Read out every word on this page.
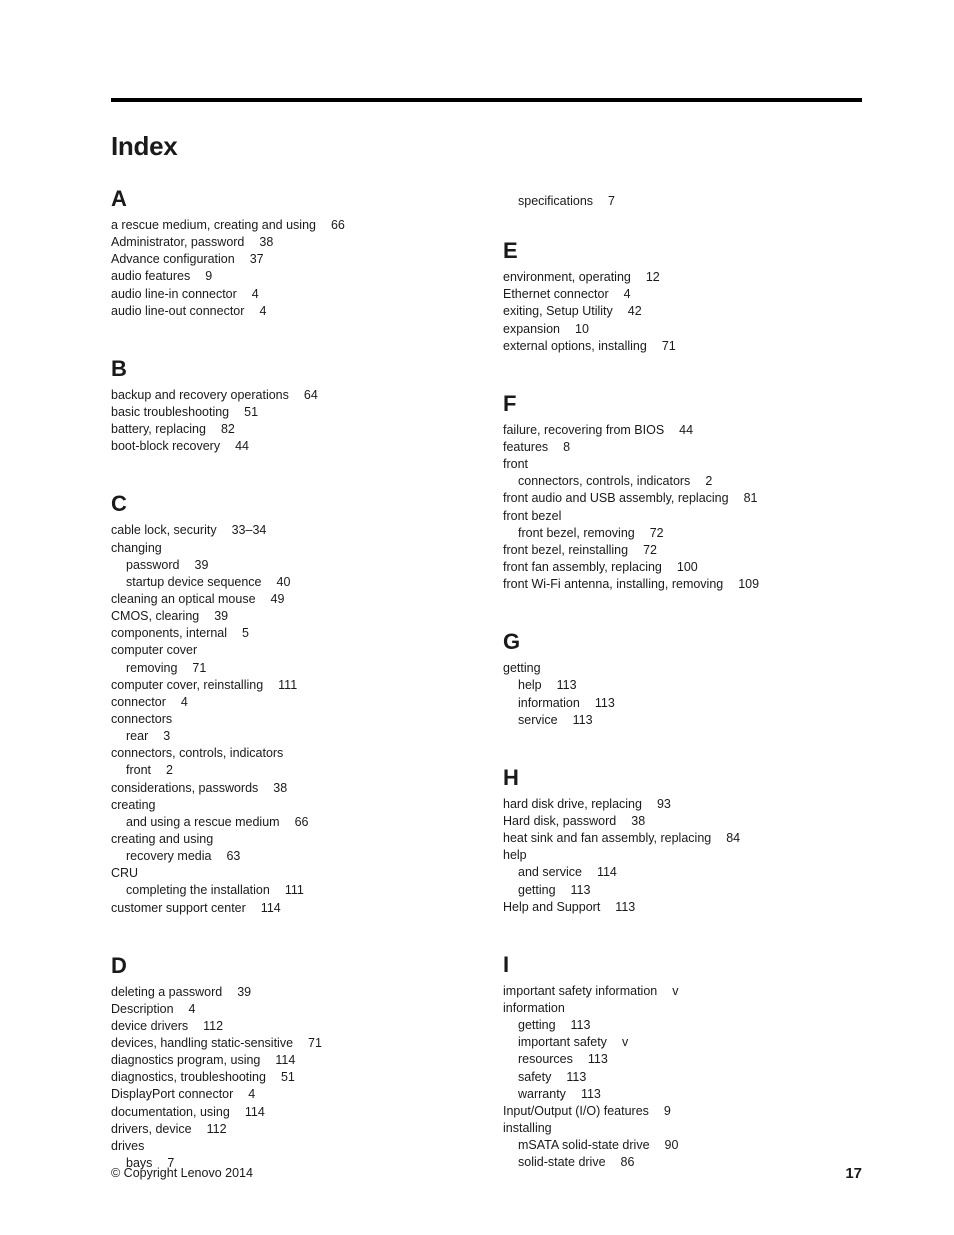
Index
A
a rescue medium, creating and using 66
Administrator, password 38
Advance configuration 37
audio features 9
audio line-in connector 4
audio line-out connector 4
B
backup and recovery operations 64
basic troubleshooting 51
battery, replacing 82
boot-block recovery 44
C
cable lock, security 33–34
changing
password 39
startup device sequence 40
cleaning an optical mouse 49
CMOS, clearing 39
components, internal 5
computer cover
removing 71
computer cover, reinstalling 111
connector 4
connectors
rear 3
connectors, controls, indicators
front 2
considerations, passwords 38
creating
and using a rescue medium 66
creating and using
recovery media 63
CRU
completing the installation 111
customer support center 114
D
deleting a password 39
Description 4
device drivers 112
devices, handling static-sensitive 71
diagnostics program, using 114
diagnostics, troubleshooting 51
DisplayPort connector 4
documentation, using 114
drivers, device 112
drives
bays 7
specifications 7
E
environment, operating 12
Ethernet connector 4
exiting, Setup Utility 42
expansion 10
external options, installing 71
F
failure, recovering from BIOS 44
features 8
front
connectors, controls, indicators 2
front audio and USB assembly, replacing 81
front bezel
front bezel, removing 72
front bezel, reinstalling 72
front fan assembly, replacing 100
front Wi-Fi antenna, installing, removing 109
G
getting
help 113
information 113
service 113
H
hard disk drive, replacing 93
Hard disk, password 38
heat sink and fan assembly, replacing 84
help
and service 114
getting 113
Help and Support 113
I
important safety information v
information
getting 113
important safety v
resources 113
safety 113
warranty 113
Input/Output (I/O) features 9
installing
mSATA solid-state drive 90
solid-state drive 86
© Copyright Lenovo 2014	17
